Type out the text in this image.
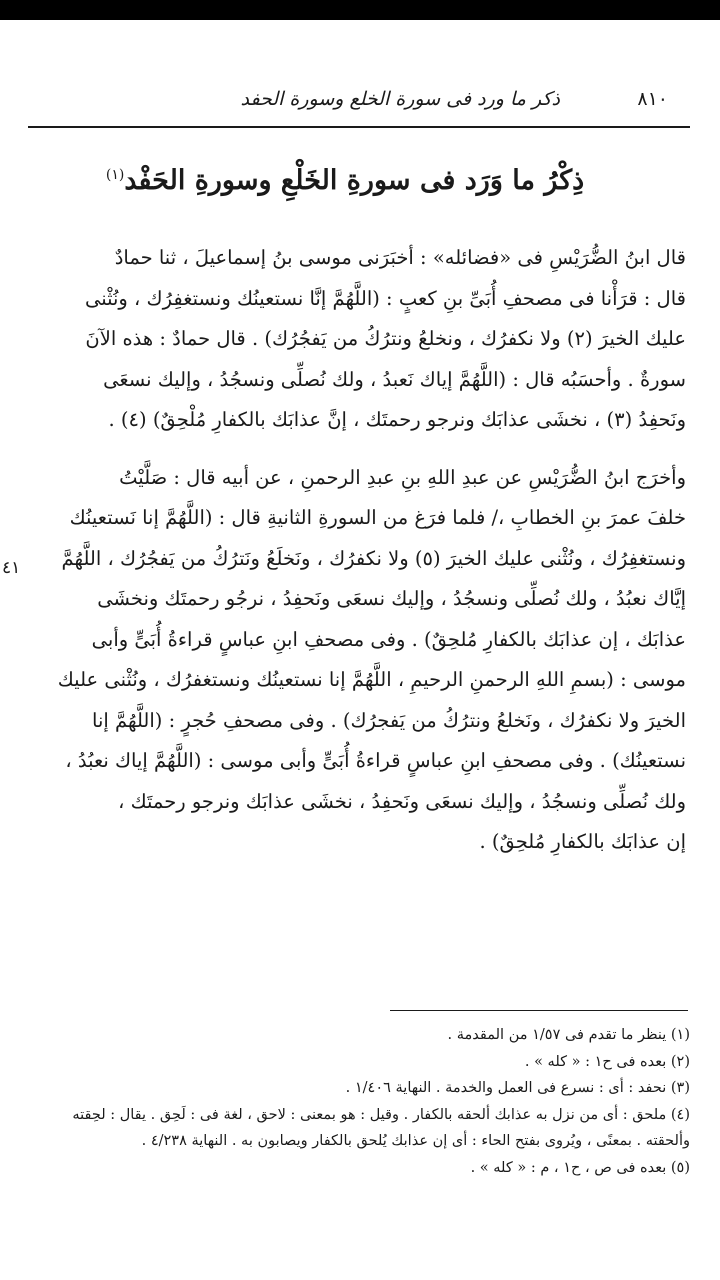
٨١٠
ذكر ما ورد فى سورة الخلع وسورة الحفد
ذِكْرُ ما وَرَد فى سورةِ الخَلْعِ وسورةِ الحَفْد$^{(١)}$
٤١

قال ابنُ الضُّرَيْسِ فى «فضائله» : أخبَرَنى موسى بنُ إسماعيلَ ، ثنا حمادٌ
قال : قرَأْنا فى مصحفِ أُبَىِّ بنِ كعبٍ : (اللَّهُمَّ إنَّا نستعينُك ونستغفِرُك ، ونُثْنى
عليك الخيرَ (٢) ولا نكفرُك ، ونخلعُ ونترُكُ من يَفجُرُك) . قال حمادٌ : هذه الآنَ
سورةٌ . وأحسَبُه قال : (اللَّهُمَّ إياك نَعبدُ ، ولك نُصلِّى ونسجُدُ ، وإليك نسعَى
ونَحفِدُ (٣) ، نخشَى عذابَك ونرجو رحمتَك ، إنَّ عذابَك بالكفارِ مُلْحِقٌ) (٤) .

وأخرَج ابنُ الضُّرَيْسِ عن عبدِ اللهِ بنِ عبدِ الرحمنِ ، عن أبيه قال : صَلَّيْتُ
خلفَ عمرَ بنِ الخطابِ ،/ فلما فرَغ من السورةِ الثانيةِ قال : (اللَّهُمَّ إنا نَستعينُك
ونستغفِرُك ، ونُثْنى عليك الخيرَ (٥) ولا نكفرُك ، ونَخلَعُ ونَترُكُ من يَفجُرُك ، اللَّهُمَّ
إيَّاك نعبُدُ ، ولك نُصلِّى ونسجُدُ ، وإليك نسعَى ونَحفِدُ ، نرجُو رحمتَك ونخشَى
عذابَك ، إن عذابَك بالكفارِ مُلحِقٌ) . وفى مصحفِ ابنِ عباسٍ قراءةُ أُبَىٍّ وأبى
موسى : (بسمِ اللهِ الرحمنِ الرحيمِ ، اللَّهُمَّ إنا نستعينُك ونستغفرُك ، ونُثْنى عليك
الخيرَ ولا نكفرُك ، ونَخلعُ ونترُكُ من يَفجرُك) . وفى مصحفِ حُجرٍ : (اللَّهُمَّ إنا
نستعينُك) . وفى مصحفِ ابنِ عباسٍ قراءةُ أُبَىٍّ وأبى موسى : (اللَّهُمَّ إياك نعبُدُ ،
ولك نُصلِّى ونسجُدُ ، وإليك نسعَى ونَحفِدُ ، نخشَى عذابَك ونرجو رحمتَك ،
إن عذابَك بالكفارِ مُلحِقٌ) .

(١) ينظر ما تقدم فى ١/٥٧ من المقدمة .
(٢) بعده فى ح١ : « كله » .
(٣) نحفد : أى : نسرع فى العمل والخدمة . النهاية ١/٤٠٦ .
(٤) ملحق : أى من نزل به عذابك ألحقه بالكفار . وقيل : هو بمعنى : لاحق ، لغة فى : لَحِق . يقال : لحِقته
وألحقته . بمعنًى ، ويُروى بفتح الحاء : أى إن عذابك يُلحق بالكفار ويصابون به . النهاية ٤/٢٣٨ .
(٥) بعده فى ص ، ح١ ، م : « كله » .
